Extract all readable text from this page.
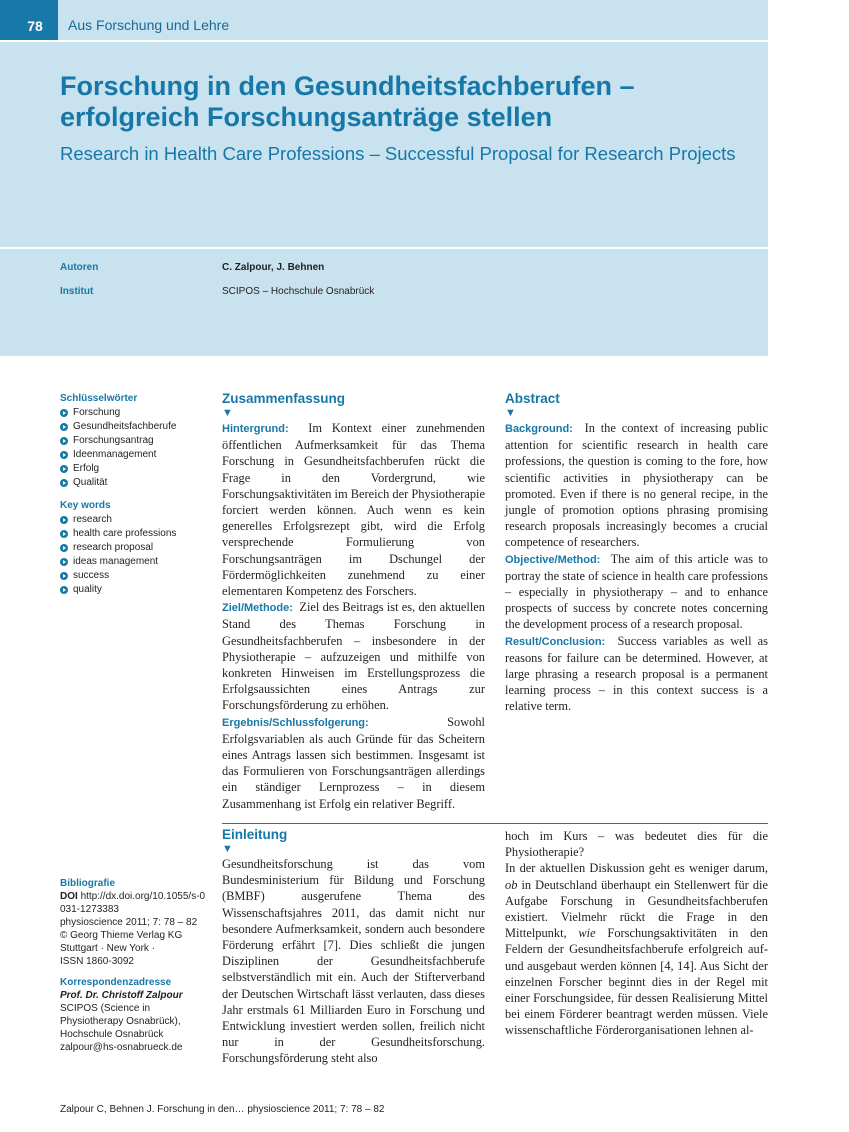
78	Aus Forschung und Lehre
Forschung in den Gesundheitsfachberufen – erfolgreich Forschungsanträge stellen
Research in Health Care Professions – Successful Proposal for Research Projects
Autoren	C. Zalpour, J. Behnen
Institut	SCIPOS – Hochschule Osnabrück
Schlüsselwörter
Forschung
Gesundheitsfachberufe
Forschungsantrag
Ideenmanagement
Erfolg
Qualität
Key words
research
health care professions
research proposal
ideas management
success
quality
Zusammenfassung
▼

Hintergrund: Im Kontext einer zunehmenden öffentlichen Aufmerksamkeit für das Thema Forschung in Gesundheitsfachberufen rückt die Frage in den Vordergrund, wie Forschungsaktivitäten im Bereich der Physiotherapie forciert werden können. Auch wenn es kein generelles Erfolgsrezept gibt, wird die Erfolg versprechende Formulierung von Forschungsanträgen im Dschungel der Fördermöglichkeiten zunehmend zu einer elementaren Kompetenz des Forschers.

Ziel/Methode: Ziel des Beitrags ist es, den aktuellen Stand des Themas Forschung in Gesundheitsfachberufen – insbesondere in der Physiotherapie – aufzuzeigen und mithilfe von konkreten Hinweisen im Erstellungsprozess die Erfolgsaussichten eines Antrags zur Forschungsförderung zu erhöhen.

Ergebnis/Schlussfolgerung:	Sowohl Erfolgsvariablen als auch Gründe für das Scheitern eines Antrags lassen sich bestimmen. Insgesamt ist das Formulieren von Forschungsanträgen allerdings ein ständiger Lernprozess – in diesem Zusammenhang ist Erfolg ein relativer Begriff.

Abstract
▼

Background: In the context of increasing public attention for scientific research in health care professions, the question is coming to the fore, how scientific activities in physiotherapy can be promoted. Even if there is no general recipe, in the jungle of promotion options phrasing promising research proposals increasingly becomes a crucial competence of researchers.

Objective/Method: The aim of this article was to portray the state of science in health care professions – especially in physiotherapy – and to enhance prospects of success by concrete notes concerning the development process of a research proposal.

Result/Conclusion: Success variables as well as reasons for failure can be determined. However, at large phrasing a research proposal is a permanent learning process – in this context success is a relative term.

Einleitung
▼

Gesundheitsforschung ist das vom Bundesministerium für Bildung und Forschung (BMBF) ausgerufene Thema des Wissenschaftsjahres 2011, das damit nicht nur besondere Aufmerksamkeit, sondern auch besondere Förderung erfährt [7]. Dies schließt die jungen Disziplinen der Gesundheitsfachberufe selbstverständlich mit ein. Auch der Stifterverband der Deutschen Wirtschaft lässt verlauten, dass dieses Jahr erstmals 61 Milliarden Euro in Forschung und Entwicklung investiert werden sollen, freilich nicht nur in der Gesundheitsforschung. Forschungsförderung steht also

hoch im Kurs – was bedeutet dies für die Physiotherapie?

In der aktuellen Diskussion geht es weniger darum, ob in Deutschland überhaupt ein Stellenwert für die Aufgabe Forschung in Gesundheitsfachberufen existiert. Vielmehr rückt die Frage in den Mittelpunkt, wie Forschungsaktivitäten in den Feldern der Gesundheitsfachberufe erfolgreich auf- und ausgebaut werden können [4, 14]. Aus Sicht der einzelnen Forscher beginnt dies in der Regel mit einer Forschungsidee, für dessen Realisierung Mittel bei einem Förderer beantragt werden müssen. Viele wissenschaftliche Förderorganisationen lehnen al-

Bibliografie
DOI http://dx.doi.org/10.1055/s-0031-1273383
physioscience 2011; 7: 78 – 82
© Georg Thieme Verlag KG
Stuttgart · New York ·
ISSN 1860-3092
Korrespondenzadresse
Prof. Dr. Christoff Zalpour
SCIPOS (Science in
Physiotherapy Osnabrück),
Hochschule Osnabrück
zalpour@hs-osnabrueck.de
Zalpour C, Behnen J. Forschung in den… physioscience 2011; 7: 78 – 82
